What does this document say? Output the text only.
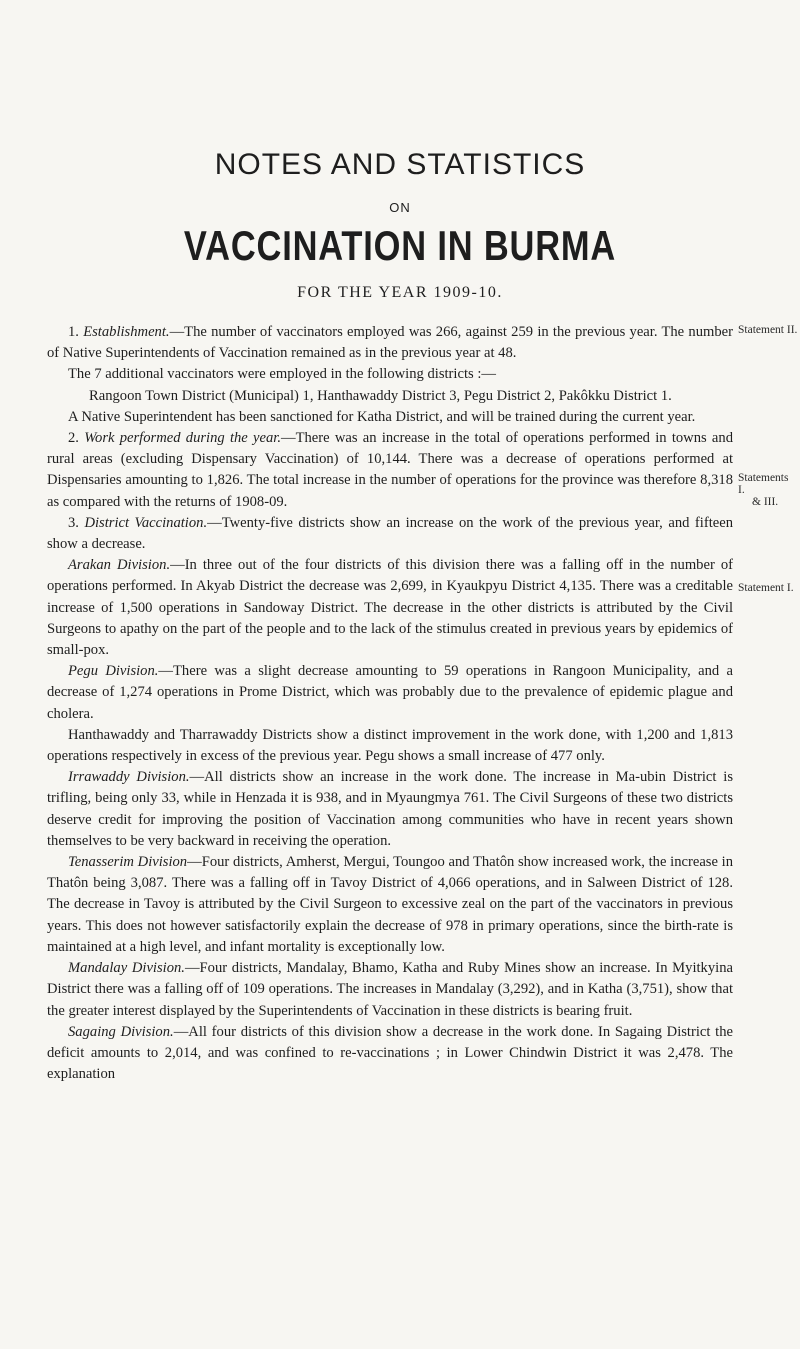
NOTES AND STATISTICS
ON
VACCINATION IN BURMA
FOR THE YEAR 1909-10.
Statement II.
Statements I.
& III.
Statement I.

1. Establishment.—The number of vaccinators employed was 266, against 259 in the previous year. The number of Native Superintendents of Vaccination remained as in the previous year at 48.

The 7 additional vaccinators were employed in the following districts :—

Rangoon Town District (Municipal) 1, Hanthawaddy District 3, Pegu District 2, Pakôkku District 1.

A Native Superintendent has been sanctioned for Katha District, and will be trained during the current year.

2. Work performed during the year.—There was an increase in the total of operations performed in towns and rural areas (excluding Dispensary Vaccination) of 10,144. There was a decrease of operations performed at Dispensaries amounting to 1,826. The total increase in the number of operations for the province was therefore 8,318 as compared with the returns of 1908-09.

3. District Vaccination.—Twenty-five districts show an increase on the work of the previous year, and fifteen show a decrease.

Arakan Division.—In three out of the four districts of this division there was a falling off in the number of operations performed. In Akyab District the decrease was 2,699, in Kyaukpyu District 4,135. There was a creditable increase of 1,500 operations in Sandoway District. The decrease in the other districts is attributed by the Civil Surgeons to apathy on the part of the people and to the lack of the stimulus created in previous years by epidemics of small-pox.

Pegu Division.—There was a slight decrease amounting to 59 operations in Rangoon Municipality, and a decrease of 1,274 operations in Prome District, which was probably due to the prevalence of epidemic plague and cholera.

Hanthawaddy and Tharrawaddy Districts show a distinct improvement in the work done, with 1,200 and 1,813 operations respectively in excess of the previous year. Pegu shows a small increase of 477 only.

Irrawaddy Division.—All districts show an increase in the work done. The increase in Ma-ubin District is trifling, being only 33, while in Henzada it is 938, and in Myaungmya 761. The Civil Surgeons of these two districts deserve credit for improving the position of Vaccination among communities who have in recent years shown themselves to be very backward in receiving the operation.

Tenasserim Division—Four districts, Amherst, Mergui, Toungoo and Thatôn show increased work, the increase in Thatôn being 3,087. There was a falling off in Tavoy District of 4,066 operations, and in Salween District of 128. The decrease in Tavoy is attributed by the Civil Surgeon to excessive zeal on the part of the vaccinators in previous years. This does not however satisfactorily explain the decrease of 978 in primary operations, since the birth-rate is maintained at a high level, and infant mortality is exceptionally low.

Mandalay Division.—Four districts, Mandalay, Bhamo, Katha and Ruby Mines show an increase. In Myitkyina District there was a falling off of 109 operations. The increases in Mandalay (3,292), and in Katha (3,751), show that the greater interest displayed by the Superintendents of Vaccination in these districts is bearing fruit.

Sagaing Division.—All four districts of this division show a decrease in the work done. In Sagaing District the deficit amounts to 2,014, and was confined to re-vaccinations ; in Lower Chindwin District it was 2,478. The explanation
